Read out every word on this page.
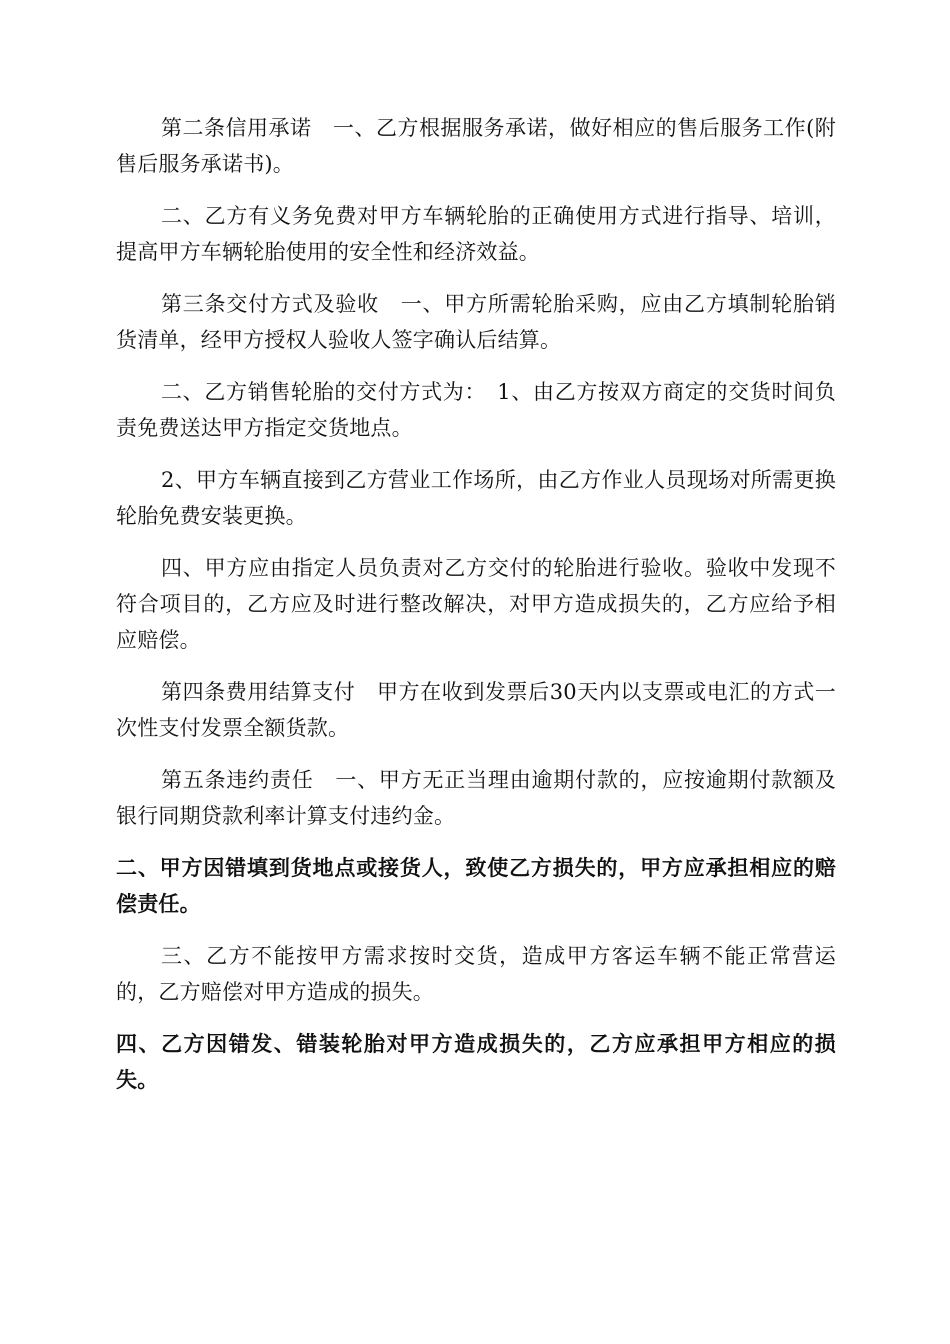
第二条信用承诺　一、乙方根据服务承诺，做好相应的售后服务工作(附售后服务承诺书)。

二、乙方有义务免费对甲方车辆轮胎的正确使用方式进行指导、培训，提高甲方车辆轮胎使用的安全性和经济效益。

第三条交付方式及验收　一、甲方所需轮胎采购，应由乙方填制轮胎销货清单，经甲方授权人验收人签字确认后结算。

二、乙方销售轮胎的交付方式为：　1、由乙方按双方商定的交货时间负责免费送达甲方指定交货地点。

2、甲方车辆直接到乙方营业工作场所，由乙方作业人员现场对所需更换轮胎免费安装更换。

四、甲方应由指定人员负责对乙方交付的轮胎进行验收。验收中发现不符合项目的，乙方应及时进行整改解决，对甲方造成损失的，乙方应给予相应赔偿。

第四条费用结算支付　甲方在收到发票后30天内以支票或电汇的方式一次性支付发票全额货款。

第五条违约责任　一、甲方无正当理由逾期付款的，应按逾期付款额及银行同期贷款利率计算支付违约金。

二、甲方因错填到货地点或接货人，致使乙方损失的，甲方应承担相应的赔偿责任。

三、乙方不能按甲方需求按时交货，造成甲方客运车辆不能正常营运的，乙方赔偿对甲方造成的损失。

四、乙方因错发、错装轮胎对甲方造成损失的，乙方应承担甲方相应的损失。
